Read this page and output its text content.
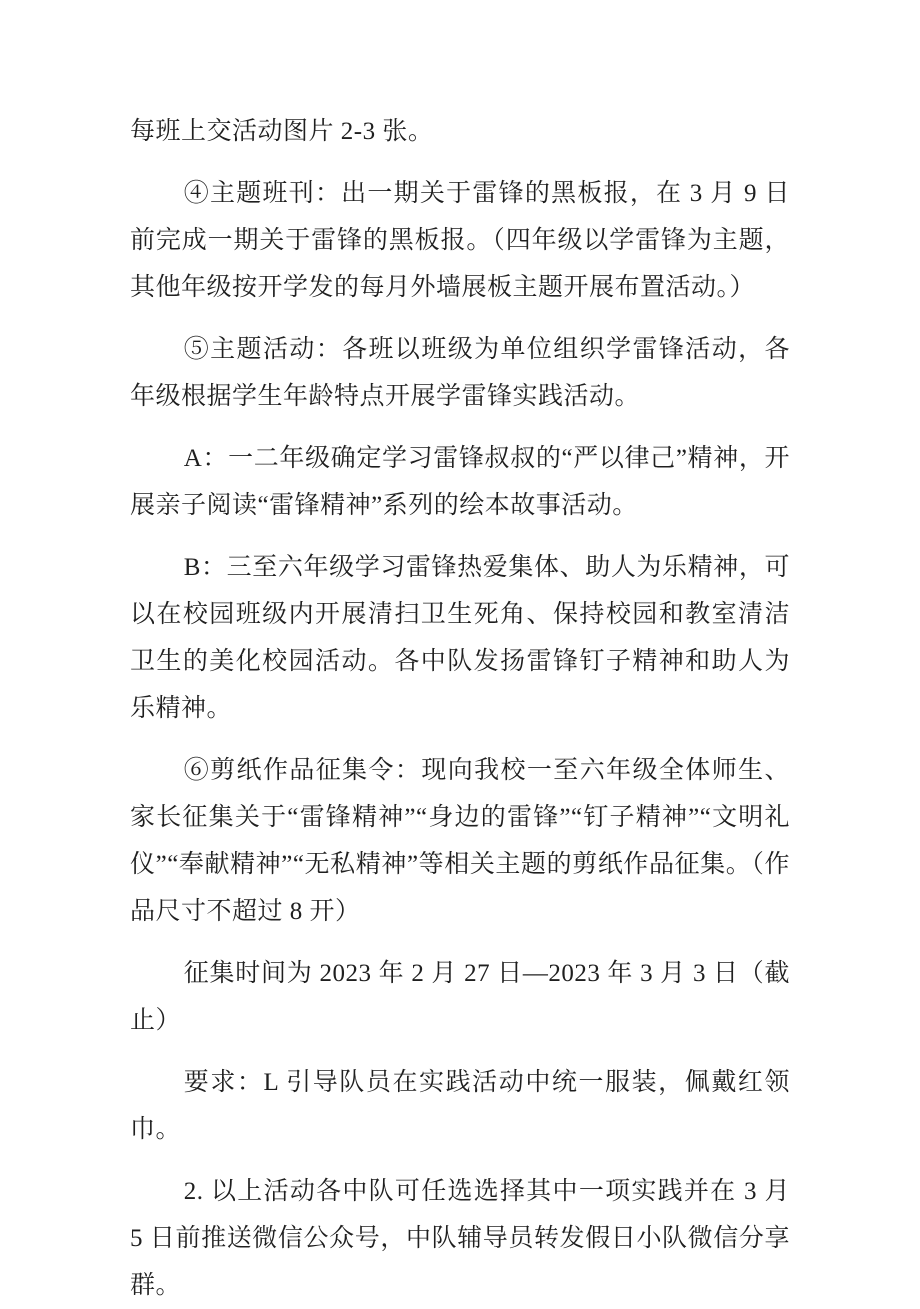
每班上交活动图片 2-3 张。

④主题班刊：出一期关于雷锋的黑板报，在 3 月 9 日前完成一期关于雷锋的黑板报。（四年级以学雷锋为主题，其他年级按开学发的每月外墙展板主题开展布置活动。）

⑤主题活动：各班以班级为单位组织学雷锋活动，各年级根据学生年龄特点开展学雷锋实践活动。

A：一二年级确定学习雷锋叔叔的“严以律己”精神，开展亲子阅读“雷锋精神”系列的绘本故事活动。

B：三至六年级学习雷锋热爱集体、助人为乐精神，可以在校园班级内开展清扫卫生死角、保持校园和教室清洁卫生的美化校园活动。各中队发扬雷锋钉子精神和助人为乐精神。

⑥剪纸作品征集令：现向我校一至六年级全体师生、家长征集关于“雷锋精神”“身边的雷锋”“钉子精神”“文明礼仪”“奉献精神”“无私精神”等相关主题的剪纸作品征集。（作品尺寸不超过 8 开）

征集时间为 2023 年 2 月 27 日—2023 年 3 月 3 日（截止）

要求：L 引导队员在实践活动中统一服装，佩戴红领巾。

2. 以上活动各中队可任选选择其中一项实践并在 3 月 5 日前推送微信公众号，中队辅导员转发假日小队微信分享群。
